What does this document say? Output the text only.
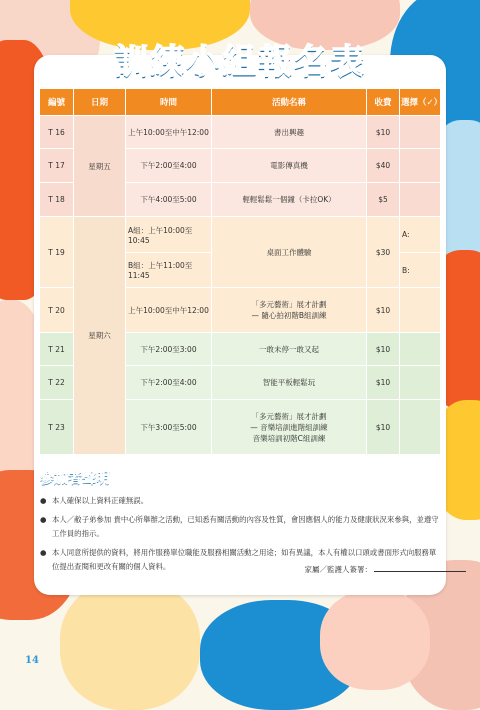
訓練小組報名表
編號	日期	時間	活動名稱	收費	選擇（✓）
T 16	星期五	上午10:00至中午12:00	書出興趣	$10	
T 17		下午2:00至4:00	電影傳真機	$40	
T 18		下午4:00至5:00	輕輕鬆鬆一個鐘（卡拉OK）	$5	
T 19	星期六	A組：上午10:00至10:45	桌面工作體驗	$30	A:
		B組：上午11:00至11:45			B:
T 20		上午10:00至中午12:00	「多元藝術」展才計劃
— 隨心拍初階B組訓練	$10	
T 21		下午2:00至3:00	一敢未停一敢又起	$10	
T 22		下午2:00至4:00	智能平板輕鬆玩	$10	
T 23		下午3:00至5:00	「多元藝術」展才計劃
— 音樂培訓進階組訓練
音樂培訓初階C組訓練	$10	
參加者聲明
● 本人確保以上資料正確無誤。
● 本人／敝子弟參加 貴中心所舉辦之活動，已知悉有關活動的內容及性質，會因應個人的能力及健康狀況來參與，並遵守工作員的指示。
● 本人同意所提供的資料，將用作服務單位職能及服務相關活動之用途；如有異議，本人有權以口頭或書面形式向服務單位提出查閱和更改有關的個人資料。	家屬／監護人簽署：
14
